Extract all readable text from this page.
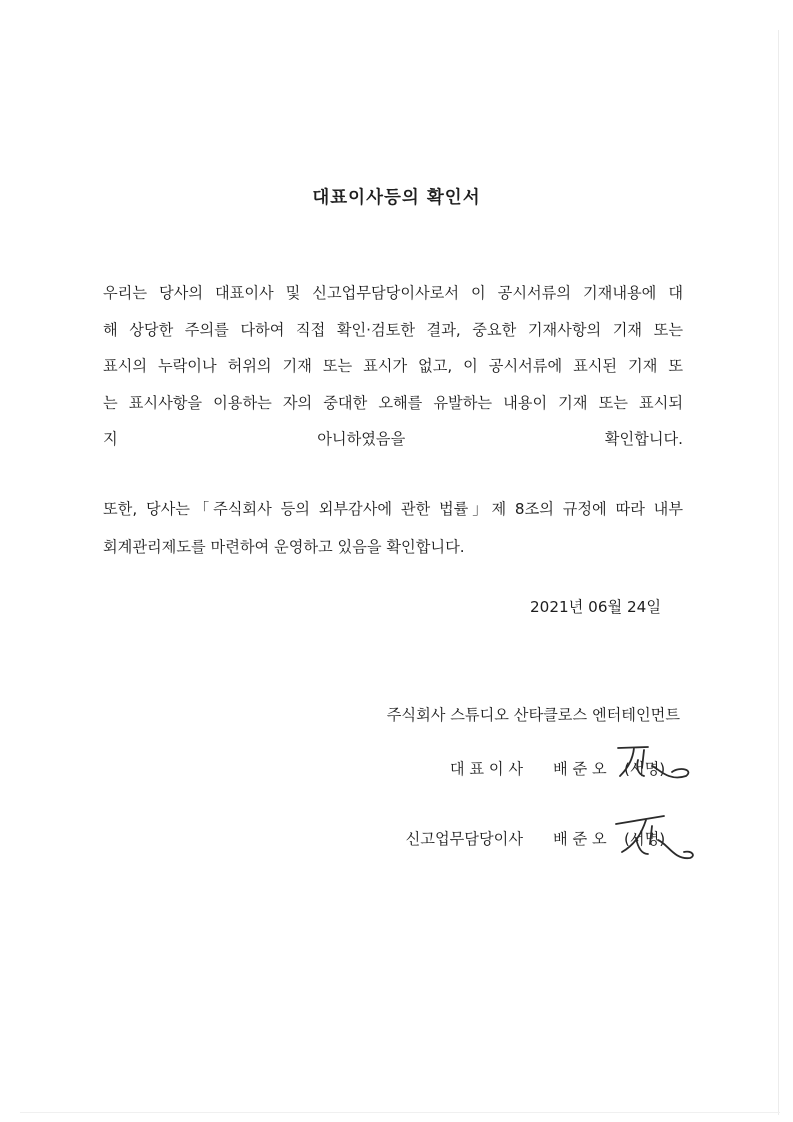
대표이사등의 확인서
우리는 당사의 대표이사 및 신고업무담당이사로서 이 공시서류의 기재내용에 대
해 상당한 주의를 다하여 직접 확인·검토한 결과, 중요한 기재사항의 기재 또는
표시의 누락이나 허위의 기재 또는 표시가 없고, 이 공시서류에 표시된 기재 또
는 표시사항을 이용하는 자의 중대한 오해를 유발하는 내용이 기재 또는 표시되
지 아니하였음을 확인합니다.
또한, 당사는「주식회사 등의 외부감사에 관한 법률」제 8조의 규정에 따라 내부
회계관리제도를 마련하여 운영하고 있음을 확인합니다.
2021년 06월 24일
주식회사 스튜디오 산타클로스 엔터테인먼트
대 표 이 사 배 준 오 (서명)
신고업무담당이사 배 준 오 (서명)
